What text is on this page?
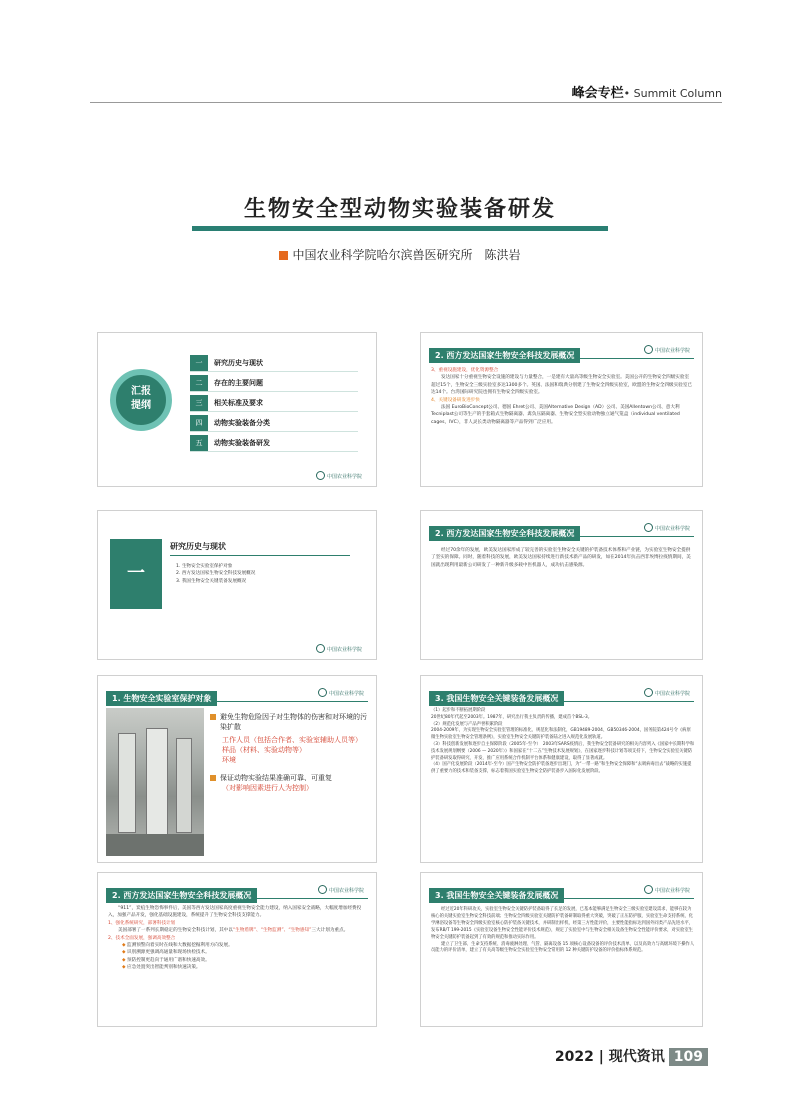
峰会专栏• Summit Column
生物安全型动物实验装备研发
中国农业科学院哈尔滨兽医研究所　陈洪岩
汇报
提纲
一	研究历史与现状
二	存在的主要问题
三	相关标准及要求
四	动物实验装备分类
五	动物实验装备研发
中国农业科学院
2. 西方发达国家生物安全科技发展概况	中国农业科学院
3、重视设施建设，优化资源整合
发达国家十分重视生物安全设施的建设与力量整合，一是建有大量高等级生物安全实验室。美国公开的生物安全四级实验室超过15个，生物安全三级实验室多达1300多个。英国、法国和瑞典分别建了生物安全四级实验室，欧盟的生物安全四级实验室已达14个。台湾国际研究院也拥有生物安全四级实验室。
4、关键设备研发进步快
法国 EuroBioConcept公司、德国 Ehret公司、美国Alternative Design（AD）公司、美国Allentown公司、意大利Tecniplast公司等生产的手套箱式生物隔离器、禽负压隔离器、生物安全型实验动物独立通气笼盒（individual ventilated cages，IVC），非人灵长类动物隔离器等产品得到广泛应用。
一
研究历史与现状
1. 生物安全实验室保护对象
2. 西方发达国家生物安全科技发展概况
3. 我国生物安全关键装备发展概况
中国农业科学院
2. 西方发达国家生物安全科技发展概况	中国农业科学院
经过70余年的发展，欧美发达国家形成了较完善的实验室生物安全关键的护装备技术体系和产业链，为实验室生物安全提供了坚实的保障。同时，随着科技的发展，欧美发达国家持续进行新技术新产品的研发，如在2014年抗击西非埃博拉疫情期间，美国就出现利用最新公司研发了一种新升级多载中医机器人，成功抗击感染源。
1. 生物安全实验室保护对象	中国农业科学院
避免生物危险因子对生物体的伤害和对环境的污染扩散
工作人员（包括合作者、实验室辅助人员等）
样品（材料、实验动物等）
环境
保证动物实验结果准确可靠、可重复
（对影响因素进行人为控制）
3. 我国生物安全关键装备发展概况	中国农业科学院
（1）起步和不断拓展期阶段
20世纪80年代起至2003年。1987年，研究出行我主负责的传播，建成首个BSL-3。
（2）规范化发展与产品声誉积累阶段
2004-2009年，为实现生物安全实验室管理的标准化、规范化和法制化，GB19489-2004、GB50346-2004，国务院第424号令《病原微生物实验室生物安全管理条例》，实验室生物安全关键防护装备陆之进入规范化发展轨道。
（3）科技创新发展和逐步自主保障阶段（2005年-至今）　2003年SARS疫情后，我生物安全装备研究的相关内容列入《国家中长期科学和技术发展规划纲要（2006 — 2020年）》和国家在“十二五”生物技术发展规划》，在国家逐步科技计划等项支持下，生物安全实验室关键防护装备研发取得研究、开发、推广应用系统合作机制平台体系和健康建设，取得了显著成就。
（4）国产化发展阶段（2014年-至今）国产生物安全防护装备逐步出现门，为“一带一路”和生物安全保障和“去吸病毒出去”战略的实施提供了重要力的技术和装备支撑，标志着我国实验室生物安全防护装备步入国际化发展阶段。
2. 西方发达国家生物安全科技发展概况	中国农业科学院
“911”，炭疽生物恐怖事件后，美国等西方发达国家高度重视生物安全能力建设，纳入国家安全战略，大幅度增加经费投入，加强产品开发，强化基础设施建设，系统提升了生物安全科技支撑能力。
1、强化系统研究，部署科技计划
美国部署了一系列长期稳定的生物安全科技计划，其中以“生物盾牌”、“生物监测”、“生物感知”三大计划为重点。
2、技术全面发展，强调高效整合
◆ 监测预警向着实时在线和大数据挖掘利用方向发展。
◆ 识别溯源更强调高通量和现场快检技术。
◆ 预防控制更趋向于通用广谱和快速高效。
◆ 应急处置突出智能判别和快速决策。
3. 我国生物安全关键装备发展概况	中国农业科学院
经过近20年科研攻关，实验室生物安全关键防护装备取得了长足的发展，已基本能够满足生物安全三级实验室建设需求，能够在较为核心的关键实验室生物安全科技前端；生物安全四级实验室关键防护装备研制取得重大突破，突破了正压防护服、实验室生命支持系统、化学淋浴设备等生物安全四级实验室核心防护装备关键技术，并研制出样机，经第三方性能评价，主要性能指标达到国外同类产品先进水平，发布RB/T 199-2015《实验室设备生物安全性能评价技术规范》，规定了实验室中与生物安全相关设备生物安全性能评价要求，对实验室生物安全关键防护装备起到了有效的规范和推动实际作用。
建立了卫生部、生命支持系统、消毒液淋处理、气管、隔离设备 15 项核心设备设备的评价技术清单，以及高效力与高级环境下操作人员能力的评价清单，建立了有关高等级生物安全实验室生物安全常用的 12 种关键防护设备的评价指标体系规范。
2022 | 现代资讯 109
